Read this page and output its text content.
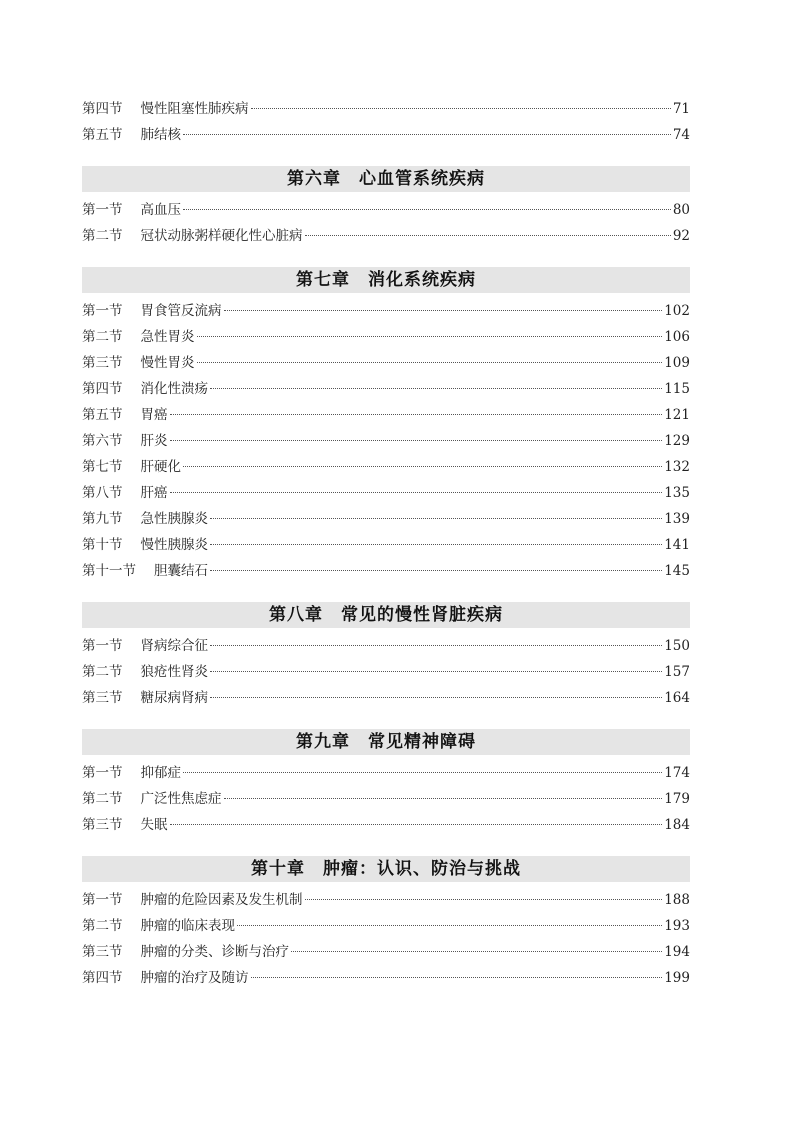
第四节	慢性阻塞性肺疾病	71
第五节	肺结核	74
第六章　心血管系统疾病
第一节	高血压	80
第二节	冠状动脉粥样硬化性心脏病	92
第七章　消化系统疾病
第一节	胃食管反流病	102
第二节	急性胃炎	106
第三节	慢性胃炎	109
第四节	消化性溃疡	115
第五节	胃癌	121
第六节	肝炎	129
第七节	肝硬化	132
第八节	肝癌	135
第九节	急性胰腺炎	139
第十节	慢性胰腺炎	141
第十一节	胆囊结石	145
第八章　常见的慢性肾脏疾病
第一节	肾病综合征	150
第二节	狼疮性肾炎	157
第三节	糖尿病肾病	164
第九章　常见精神障碍
第一节	抑郁症	174
第二节	广泛性焦虑症	179
第三节	失眠	184
第十章　肿瘤：认识、防治与挑战
第一节	肿瘤的危险因素及发生机制	188
第二节	肿瘤的临床表现	193
第三节	肿瘤的分类、诊断与治疗	194
第四节	肿瘤的治疗及随访	199
